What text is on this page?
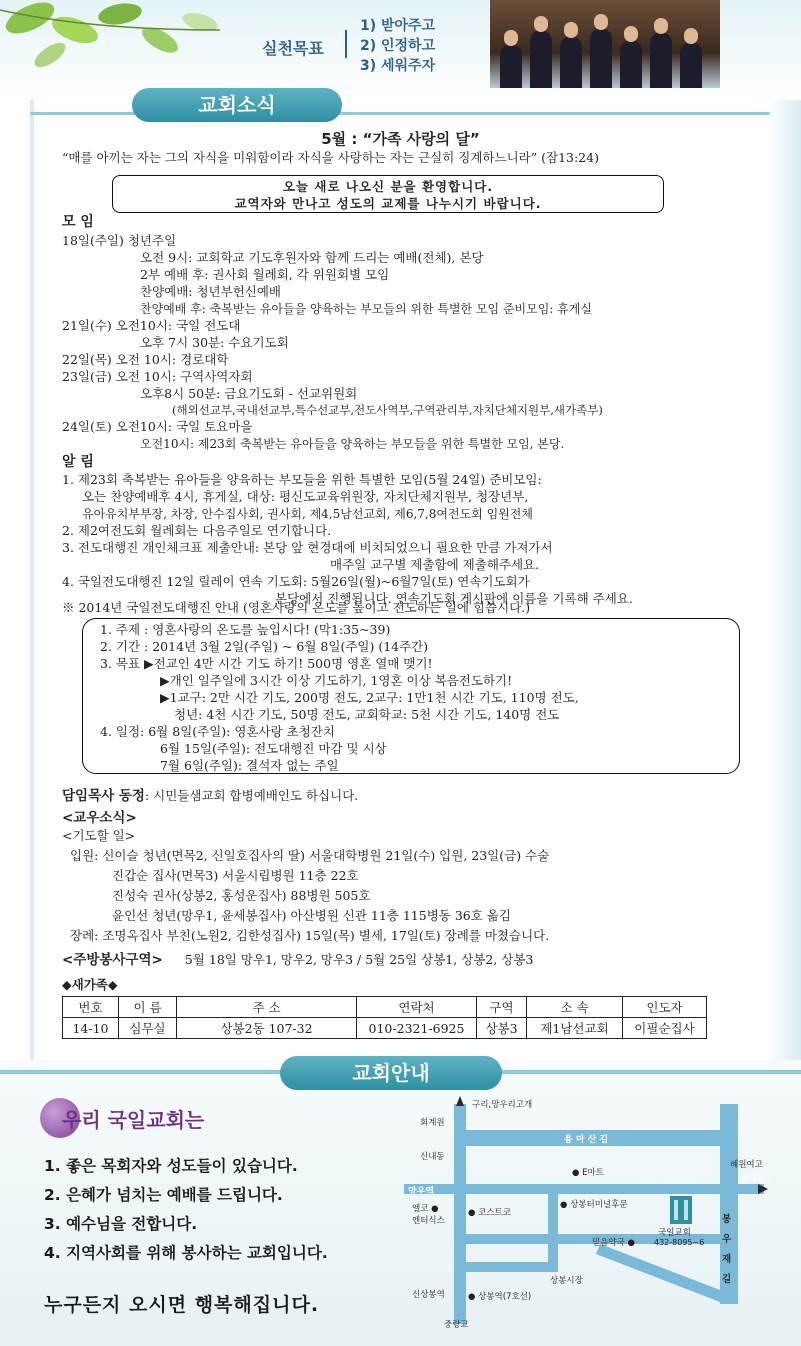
실천목표
1) 받아주고
2) 인정하고
3) 세워주자
교회소식
5월 : “가족 사랑의 달”
“매를 아끼는 자는 그의 자식을 미워함이라 자식을 사랑하는 자는 근실히 징계하느니라” (잠13:24)
오늘 새로 나오신 분을 환영합니다.
교역자와 만나고 성도의 교제를 나누시기 바랍니다.
모 임
18일(주일) 청년주일
오전 9시: 교회학교 기도후원자와 함께 드리는 예배(전체), 본당
2부 예배 후: 권사회 월례회, 각 위원회별 모임
찬양예배: 청년부헌신예배
찬양예배 후: 축복받는 유아들을 양육하는 부모들의 위한 특별한 모임 준비모임: 휴게실
21일(수) 오전10시: 국일 전도대
오후 7시 30분: 수요기도회
22일(목) 오전 10시: 경로대학
23일(금) 오전 10시: 구역사역자회
오후8시 50분: 금요기도회 - 선교위원회
(해외선교부,국내선교부,특수선교부,전도사역부,구역관리부,자치단체지원부,새가족부)
24일(토) 오전10시: 국일 토요마을
오전10시: 제23회 축복받는 유아들을 양육하는 부모들을 위한 특별한 모임, 본당.
알 림
1. 제23회 축복받는 유아들을 양육하는 부모들을 위한 특별한 모임(5월 24일) 준비모임:
오는 찬양예배후 4시, 휴게실, 대상: 평신도교육위원장, 자치단체지원부, 청장년부,
유아유치부부장, 차장, 안수집사회, 권사회, 제4,5남선교회, 제6,7,8여전도회 임원전체
2. 제2여전도회 월례회는 다음주일로 연기합니다.
3. 전도대행진 개인체크표 제출안내: 본당 앞 현경대에 비치되었으니 필요한 만큼 가져가서
매주일 교구별 제출함에 제출해주세요.
4. 국일전도대행진 12일 릴레이 연속 기도회: 5월26일(월)~6월7일(토) 연속기도회가
본당에서 진행됩니다. 연속기도회 게시판에 이름을 기록해 주세요.
※ 2014년 국일전도대행진 안내 (영혼사랑의 온도를 높이고 전도하는 일에 힘씁시다.)
1. 주제 : 영혼사랑의 온도를 높입시다! (막1:35~39)
2. 기간 : 2014년 3월 2일(주일) ~ 6월 8일(주일) (14주간)
3. 목표 ▶전교인 4만 시간 기도 하기! 500명 영혼 열매 맺기!
▶개인 일주일에 3시간 이상 기도하기, 1영혼 이상 복음전도하기!
▶1교구: 2만 시간 기도, 200명 전도, 2교구: 1만1천 시간 기도, 110명 전도,
청년: 4천 시간 기도, 50명 전도, 교회학교: 5천 시간 기도, 140명 전도
4. 일정: 6월 8일(주일): 영혼사랑 초청잔치
6월 15일(주일): 전도대행진 마감 및 시상
7월 6일(주일): 결석자 없는 주일
담임목사 동정: 시민들샘교회 합병예배인도 하십니다.
<교우소식>
<기도할 일>
입원: 신이슬 청년(면목2, 신일호집사의 딸) 서울대학병원 21일(수) 입원, 23일(금) 수술
진갑순 집사(면목3) 서울시립병원 11층 22호
진성숙 권사(상봉2, 홍성운집사) 88병원 505호
윤인선 청년(망우1, 윤세봉집사) 아산병원 신관 11층 115병동 36호 옮김
장례: 조명옥집사 부친(노원2, 김한성집사) 15일(목) 별세, 17일(토) 장례를 마쳤습니다.
<주방봉사구역> 5월 18일 망우1, 망우2, 망우3 / 5월 25일 상봉1, 상봉2, 상봉3
◆새가족◆
번호	이 름	주 소	연락처	구역	소 속	인도자
14-10	심무실	상봉2동 107-32	010-2321-6925	상봉3	제1남선교회	이필순집사
교회안내
우리 국일교회는
1. 좋은 목회자와 성도들이 있습니다.
2. 은혜가 넘치는 예배를 드립니다.
3. 예수님을 전합니다.
4. 지역사회를 위해 봉사하는 교회입니다.
누구든지 오시면 행복해집니다.
구리,망우리고개
회계원
용 마 산 길
신내동
● E마트
혜원여고
망우역
중곡동→
엘코 ●
엔터식스
● 코스트코
● 상봉터미널후문
국일교회
432-8095~6
믿음약국 ●
봉 우 재 길
상봉시장
신상봉역	● 상봉역(7호선)
중랑교
